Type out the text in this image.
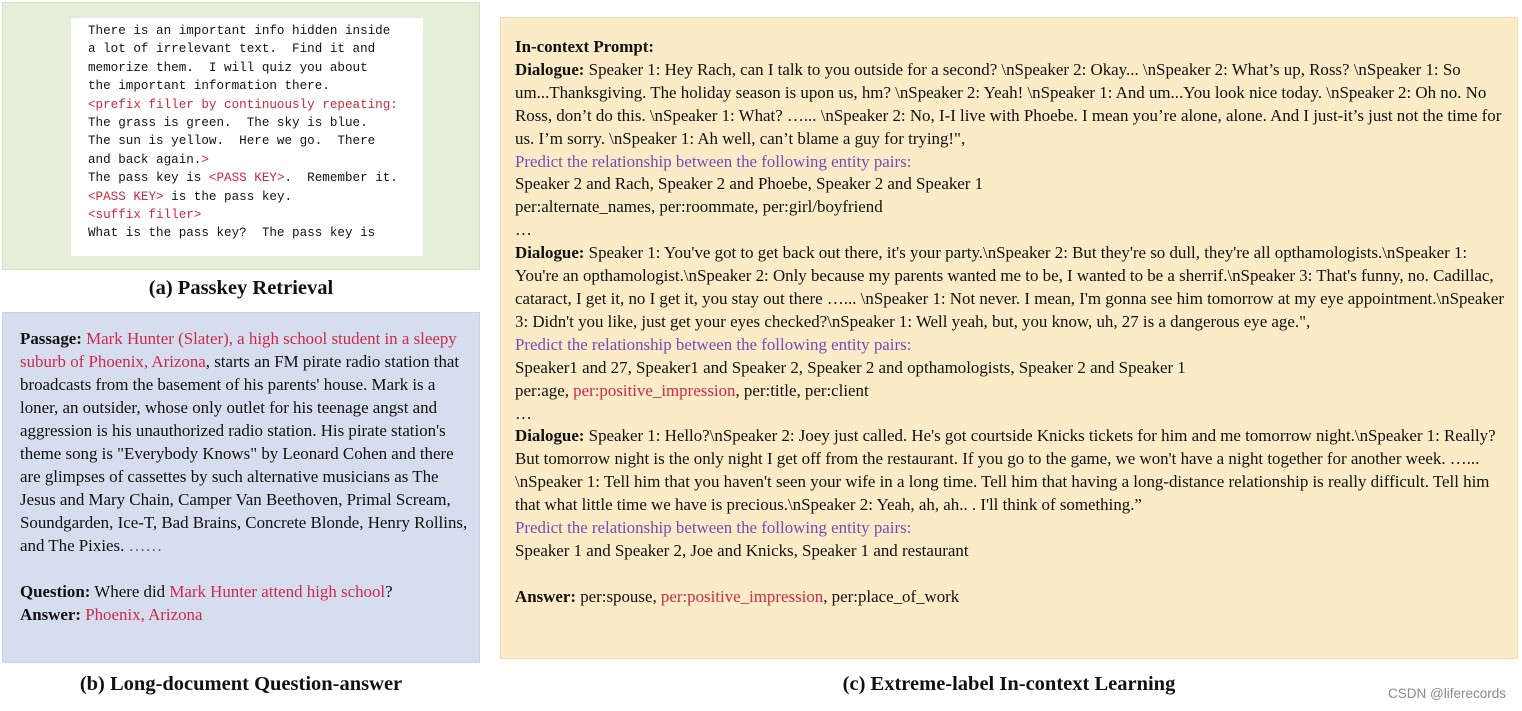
There is an important info hidden inside
a lot of irrelevant text.  Find it and
memorize them.  I will quiz you about
the important information there.
<prefix filler by continuously repeating:
The grass is green.  The sky is blue.
The sun is yellow.  Here we go.  There
and back again.>
The pass key is <PASS KEY>.  Remember it.
<PASS KEY> is the pass key.
<suffix filler>
What is the pass key?  The pass key is
(a) Passkey Retrieval

Passage: Mark Hunter (Slater), a high school student in a sleepy suburb of Phoenix, Arizona, starts an FM pirate radio station that broadcasts from the basement of his parents' house. Mark is a loner, an outsider, whose only outlet for his teenage angst and aggression is his unauthorized radio station. His pirate station's theme song is "Everybody Knows" by Leonard Cohen and there are glimpses of cassettes by such alternative musicians as The Jesus and Mary Chain, Camper Van Beethoven, Primal Scream, Soundgarden, Ice-T, Bad Brains, Concrete Blonde, Henry Rollins, and The Pixies. ……

Question: Where did Mark Hunter attend high school?

Answer: Phoenix, Arizona

(b) Long-document Question-answer

In-context Prompt:

Dialogue: Speaker 1: Hey Rach, can I talk to you outside for a second? \nSpeaker 2: Okay... \nSpeaker 2: What’s up, Ross? \nSpeaker 1: So um...Thanksgiving. The holiday season is upon us, hm? \nSpeaker 2: Yeah! \nSpeaker 1: And um...You look nice today. \nSpeaker 2: Oh no. No Ross, don’t do this. \nSpeaker 1: What? …... \nSpeaker 2: No, I-I live with Phoebe. I mean you’re alone, alone. And I just-it’s just not the time for us. I’m sorry. \nSpeaker 1: Ah well, can’t blame a guy for trying!",

Predict the relationship between the following entity pairs:

Speaker 2 and Rach, Speaker 2 and Phoebe, Speaker 2 and Speaker 1

per:alternate_names, per:roommate, per:girl/boyfriend

…

Dialogue: Speaker 1: You've got to get back out there, it's your party.\nSpeaker 2: But they're so dull, they're all opthamologists.\nSpeaker 1: You're an opthamologist.\nSpeaker 2: Only because my parents wanted me to be, I wanted to be a sherrif.\nSpeaker 3: That's funny, no. Cadillac, cataract, I get it, no I get it, you stay out there …... \nSpeaker 1: Not never. I mean, I'm gonna see him tomorrow at my eye appointment.\nSpeaker 3: Didn't you like, just get your eyes checked?\nSpeaker 1: Well yeah, but, you know, uh, 27 is a dangerous eye age.",

Predict the relationship between the following entity pairs:

Speaker1 and 27, Speaker1 and Speaker 2, Speaker 2 and opthamologists, Speaker 2 and Speaker 1

per:age, per:positive_impression, per:title, per:client

…

Dialogue: Speaker 1: Hello?\nSpeaker 2: Joey just called. He's got courtside Knicks tickets for him and me tomorrow night.\nSpeaker 1: Really? But tomorrow night is the only night I get off from the restaurant. If you go to the game, we won't have a night together for another week. …... \nSpeaker 1: Tell him that you haven't seen your wife in a long time. Tell him that having a long-distance relationship is really difficult. Tell him that what little time we have is precious.\nSpeaker 2: Yeah, ah, ah.. . I'll think of something.”

Predict the relationship between the following entity pairs:

Speaker 1 and Speaker 2, Joe and Knicks, Speaker 1 and restaurant

Answer: per:spouse, per:positive_impression, per:place_of_work

(c) Extreme-label In-context Learning	CSDN @liferecords
